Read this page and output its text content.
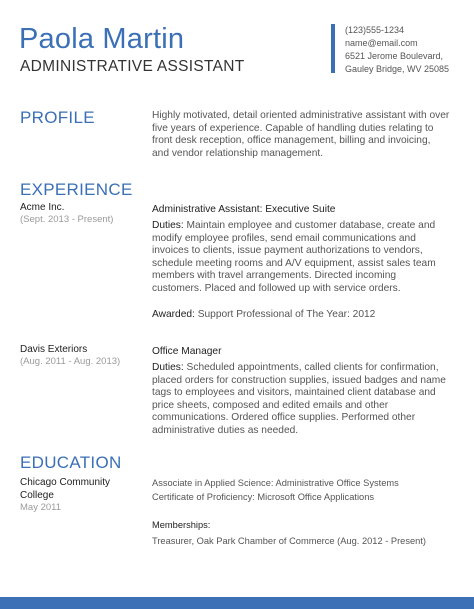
Paola Martin
ADMINISTRATIVE ASSISTANT
(123)555-1234
name@email.com
6521 Jerome Boulevard,
Gauley Bridge, WV 25085
PROFILE	Highly motivated, detail oriented administrative assistant with over five years of experience. Capable of handling duties relating to front desk reception, office management, billing and invoicing, and vendor relationship management.
EXPERIENCE
Acme Inc.
(Sept. 2013 - Present)
Administrative Assistant: Executive Suite
Duties: Maintain employee and customer database, create and modify employee profiles, send email communications and invoices to clients, issue payment authorizations to vendors, schedule meeting rooms and A/V equipment, assist sales team members with travel arrangements. Directed incoming customers. Placed and followed up with service orders.
Awarded: Support Professional of The Year: 2012
Davis Exteriors
(Aug. 2011 - Aug. 2013)
Office Manager
Duties: Scheduled appointments, called clients for confirmation, placed orders for construction supplies, issued badges and name tags to employees and visitors, maintained client database and price sheets, composed and edited emails and other communications. Ordered office supplies. Performed other administrative duties as needed.
EDUCATION
Chicago Community College
May 2011
Associate in Applied Science: Administrative Office Systems
Certificate of Proficiency: Microsoft Office Applications
Memberships:
Treasurer, Oak Park Chamber of Commerce (Aug. 2012 - Present)
